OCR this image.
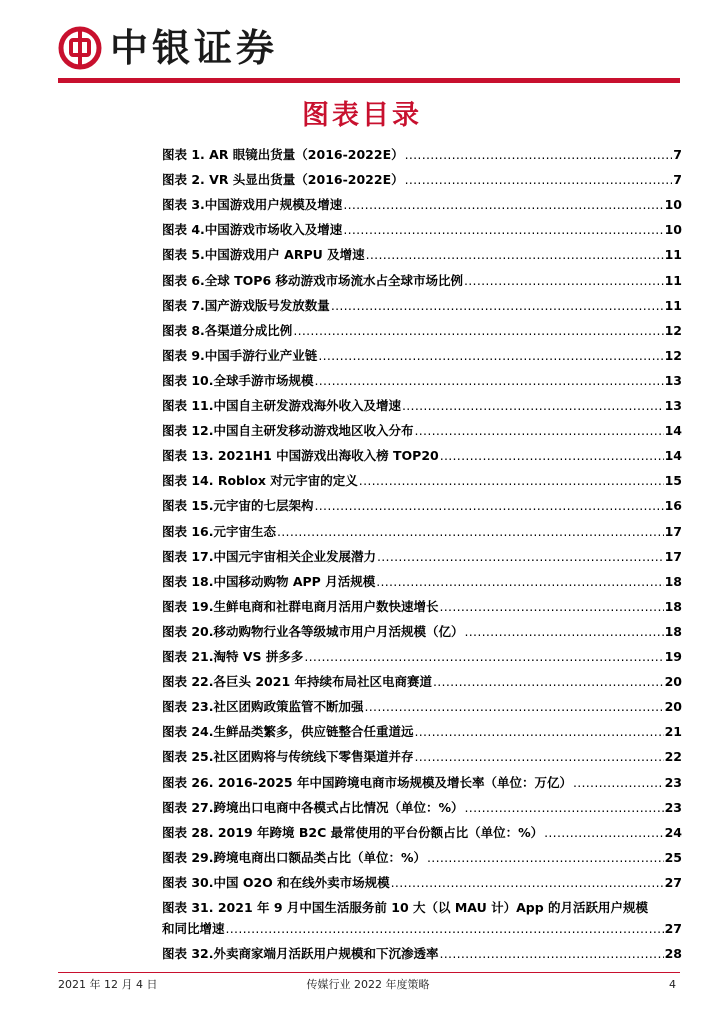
中银证券
图表目录
图表 1. AR 眼镜出货量（2016-2022E） .....	7
图表 2. VR 头显出货量（2016-2022E） .....	7
图表 3.中国游戏用户规模及增速 .....	10
图表 4.中国游戏市场收入及增速 .....	10
图表 5.中国游戏用户 ARPU 及增速 .....	11
图表 6.全球 TOP6 移动游戏市场流水占全球市场比例 .....	11
图表 7.国产游戏版号发放数量 .....	11
图表 8.各渠道分成比例 .....	12
图表 9.中国手游行业产业链 .....	12
图表 10.全球手游市场规模 .....	13
图表 11.中国自主研发游戏海外收入及增速 .....	13
图表 12.中国自主研发移动游戏地区收入分布 .....	14
图表 13. 2021H1 中国游戏出海收入榜 TOP20 .....	14
图表 14. Roblox 对元宇宙的定义 .....	15
图表 15.元宇宙的七层架构 .....	16
图表 16.元宇宙生态 .....	17
图表 17.中国元宇宙相关企业发展潜力 .....	17
图表 18.中国移动购物 APP 月活规模 .....	18
图表 19.生鲜电商和社群电商月活用户数快速增长 .....	18
图表 20.移动购物行业各等级城市用户月活规模（亿） .....	18
图表 21.淘特 VS 拼多多 .....	19
图表 22.各巨头 2021 年持续布局社区电商赛道 .....	20
图表 23.社区团购政策监管不断加强 .....	20
图表 24.生鲜品类繁多，供应链整合任重道远 .....	21
图表 25.社区团购将与传统线下零售渠道并存 .....	22
图表 26. 2016-2025 年中国跨境电商市场规模及增长率（单位：万亿） .....	23
图表 27.跨境出口电商中各模式占比情况（单位：%） .....	23
图表 28. 2019 年跨境 B2C 最常使用的平台份额占比（单位：%） .....	24
图表 29.跨境电商出口额品类占比（单位：%） .....	25
图表 30.中国 O2O 和在线外卖市场规模 .....	27
图表 31. 2021 年 9 月中国生活服务前 10 大（以 MAU 计）App 的月活跃用户规模
和同比增速 .....	27
图表 32.外卖商家端月活跃用户规模和下沉渗透率 .....	28
2021 年 12 月 4 日	传媒行业 2022 年度策略	4
